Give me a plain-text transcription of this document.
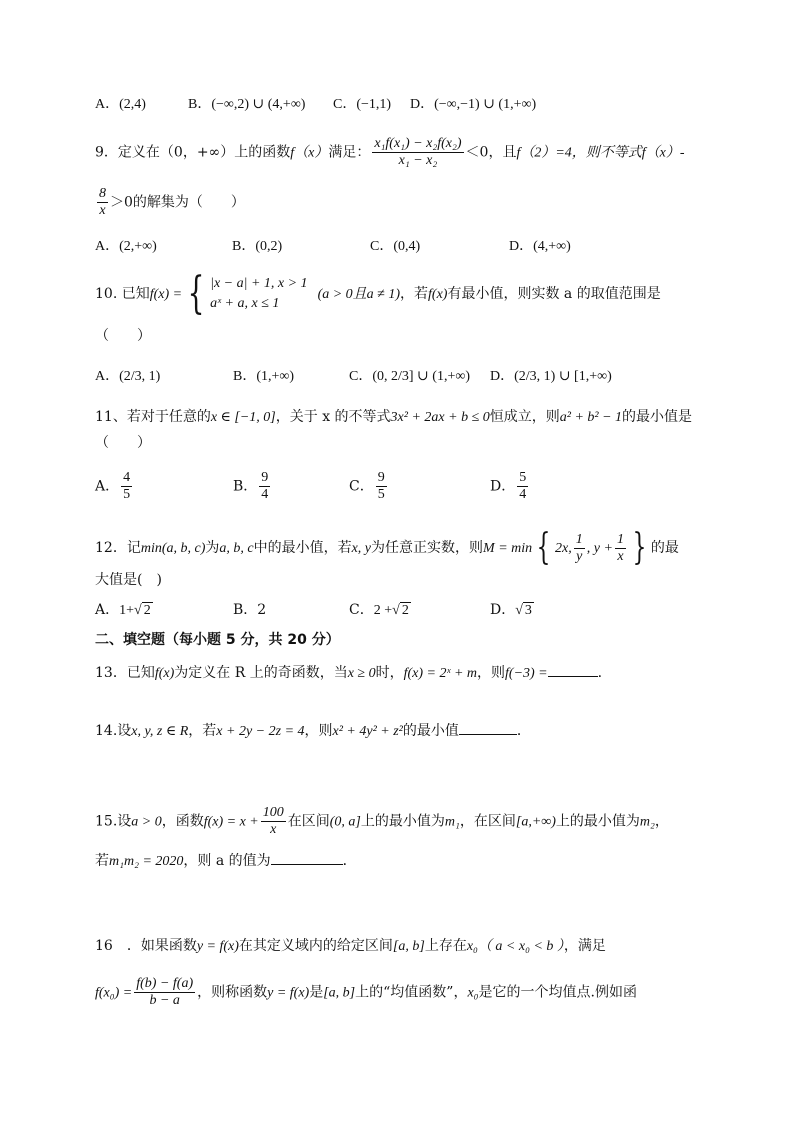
A．(2,4)	B．(−∞,2) ∪ (4,+∞) C．(−1,1) D．(−∞,−1) ∪ (1,+∞)
9．定义在（0，+∞）上的函数f（x）满足： $\frac{\text{x₁f(x₁) − x₂f(x₂)}}{\text{x₁ − x₂}} <0$，且f（2）=4，则不等式f（x）-
$\frac{8}{x} >0$的解集为（　　）
A．(2,+∞)	B．(0,2)	C．(0,4)	D．(4,+∞)
10. 已知f(x) = { |x − a| + 1, x > 1
aˣ + a, x ≤ 1
(a > 0且a ≠ 1)，若f(x)有最小值，则实数 a 的取值范围是
（　　）
A．(2/3, 1)	B．(1,+∞)	C．(0, 2/3] ∪ (1,+∞) D．(2/3, 1) ∪ [1,+∞)
11、若对于任意的x ∈ [−1, 0]，关于 x 的不等式3x² + 2ax + b ≤ 0恒成立，则a² + b² − 1的最小值是
（　　）
A． $\frac{4}{5}$	B． $\frac{9}{4}$	C． $\frac{9}{5}$	D． $\frac{5}{4}$
12．记min(a, b, c)为a, b, c中的最小值，若x, y为任意正实数，则M = min { 2x, $\frac{1}{y}$ , $y + \frac{1}{x}$ } 的最
大值是(　)
A．1+√ 2	B．2	C．2 +√ 2	D．√ 3
二、填空题（每小题 5 分，共 20 分）
13．已知f(x)为定义在 R 上的奇函数，当x ≥ 0时，f(x) = 2ˣ + m，则f(−3) =	.
14.设x, y, z ∈ R，若x + 2y − 2z = 4，则x² + 4y² + z²的最小值	．
15.设a > 0，函数$f(x) = x + \frac{100}{x}$ 在区间(0, a]上的最小值为m₁，在区间[a,+∞)上的最小值为m₂，
若m₁m₂ = 2020，则 a 的值为	．
16　．如果函数y = f(x)在其定义域内的给定区间[a, b]上存在x₀（ a < x₀ < b ），满足
$f(x_0) = \frac{f(b) - f(a)}{b - a}$ ，则称函数y = f(x)是[a, b]上的“均值函数”，x₀是它的一个均值点.例如函
